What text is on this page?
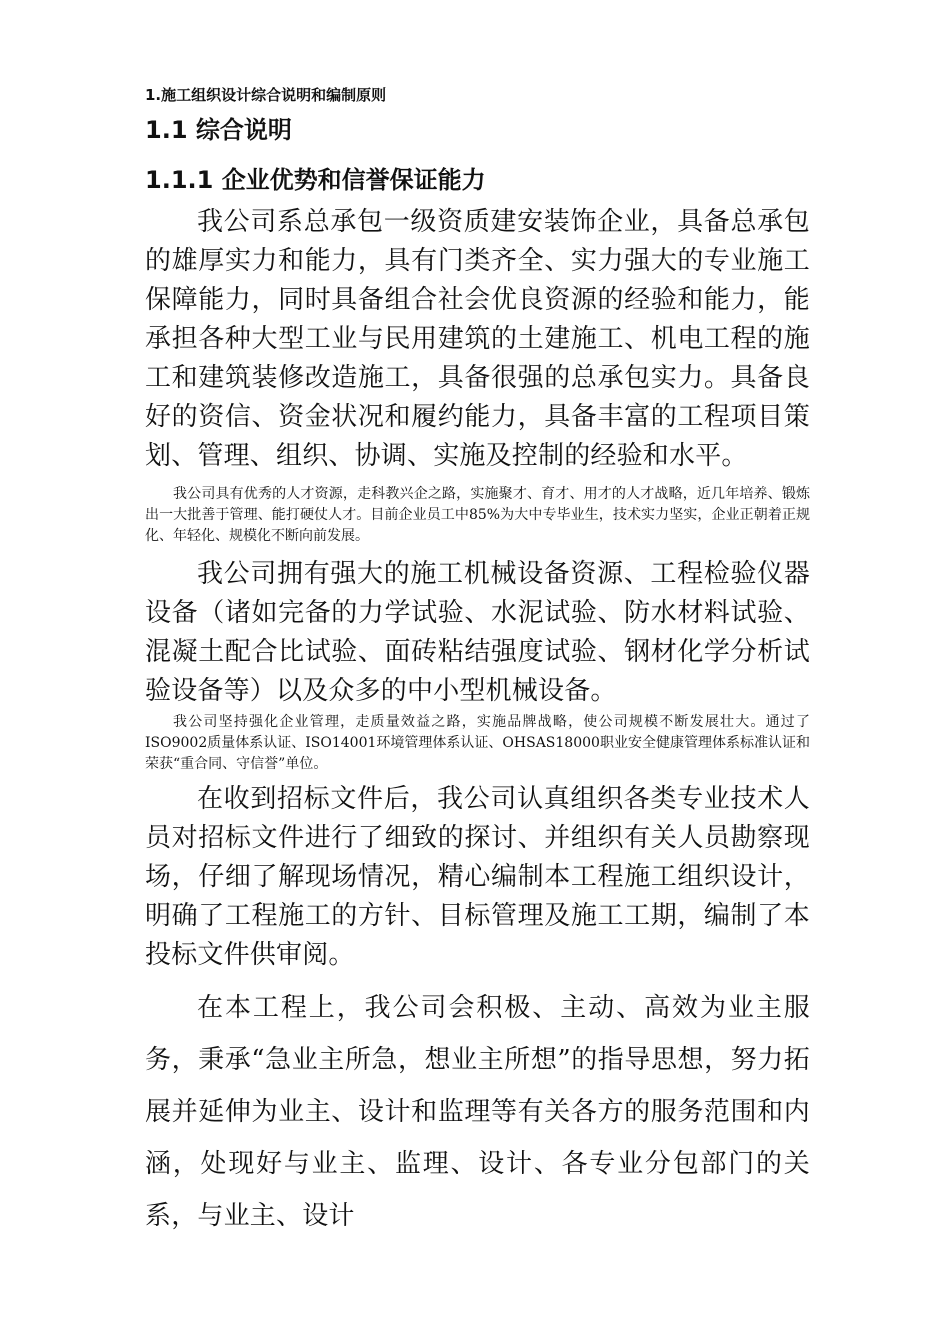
1.施工组织设计综合说明和编制原则
1.1 综合说明
1.1.1 企业优势和信誉保证能力
我公司系总承包一级资质建安装饰企业，具备总承包的雄厚实力和能力，具有门类齐全、实力强大的专业施工保障能力，同时具备组合社会优良资源的经验和能力，能承担各种大型工业与民用建筑的土建施工、机电工程的施工和建筑装修改造施工，具备很强的总承包实力。具备良好的资信、资金状况和履约能力，具备丰富的工程项目策划、管理、组织、协调、实施及控制的经验和水平。
我公司具有优秀的人才资源，走科教兴企之路，实施聚才、育才、用才的人才战略，近几年培养、锻炼出一大批善于管理、能打硬仗人才。目前企业员工中85%为大中专毕业生，技术实力坚实，企业正朝着正规化、年轻化、规模化不断向前发展。
我公司拥有强大的施工机械设备资源、工程检验仪器设备（诸如完备的力学试验、水泥试验、防水材料试验、混凝土配合比试验、面砖粘结强度试验、钢材化学分析试验设备等）以及众多的中小型机械设备。
我公司坚持强化企业管理，走质量效益之路，实施品牌战略，使公司规模不断发展壮大。通过了ISO9002质量体系认证、ISO14001环境管理体系认证、OHSAS18000职业安全健康管理体系标准认证和荣获“重合同、守信誉”单位。
在收到招标文件后，我公司认真组织各类专业技术人员对招标文件进行了细致的探讨、并组织有关人员勘察现场，仔细了解现场情况，精心编制本工程施工组织设计，明确了工程施工的方针、目标管理及施工工期，编制了本投标文件供审阅。
在本工程上，我公司会积极、主动、高效为业主服务，秉承“急业主所急，想业主所想”的指导思想，努力拓展并延伸为业主、设计和监理等有关各方的服务范围和内涵，处现好与业主、监理、设计、各专业分包部门的关系，与业主、设计
